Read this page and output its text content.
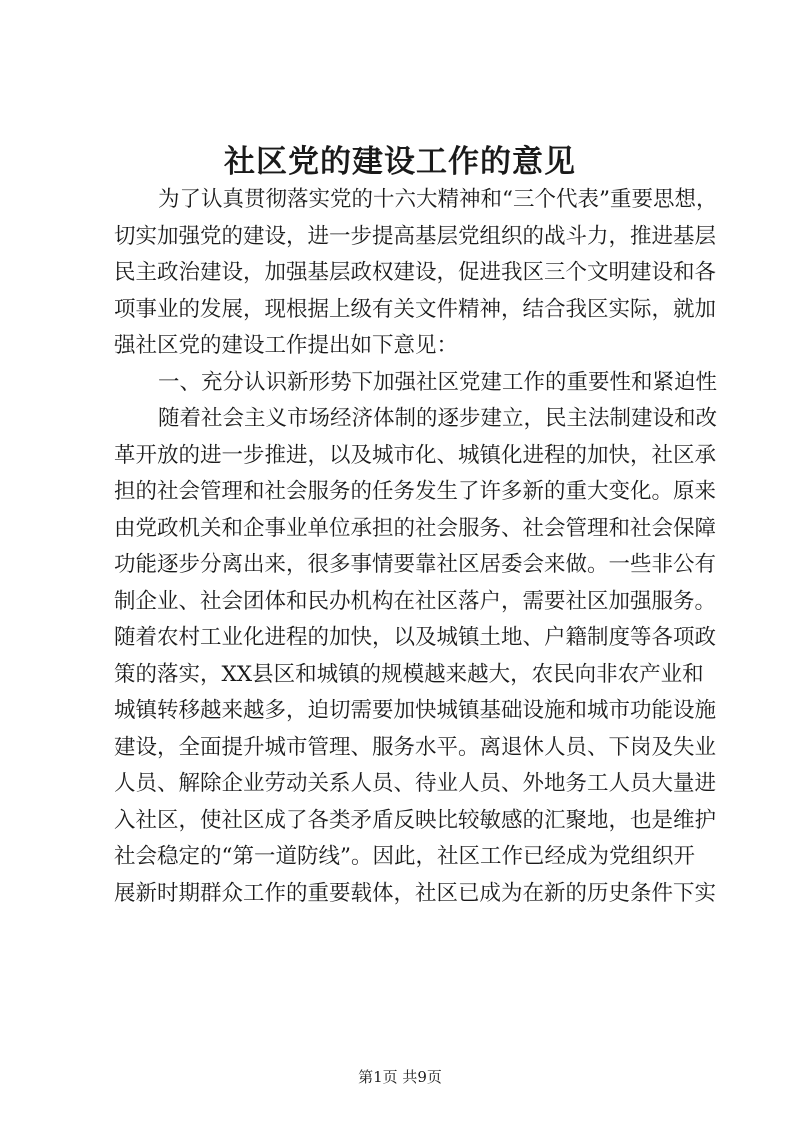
社区党的建设工作的意见
为了认真贯彻落实党的十六大精神和“三个代表”重要思想，
切实加强党的建设，进一步提高基层党组织的战斗力，推进基层
民主政治建设，加强基层政权建设，促进我区三个文明建设和各
项事业的发展，现根据上级有关文件精神，结合我区实际，就加
强社区党的建设工作提出如下意见：
一、充分认识新形势下加强社区党建工作的重要性和紧迫性
随着社会主义市场经济体制的逐步建立，民主法制建设和改
革开放的进一步推进，以及城市化、城镇化进程的加快，社区承
担的社会管理和社会服务的任务发生了许多新的重大变化。原来
由党政机关和企事业单位承担的社会服务、社会管理和社会保障
功能逐步分离出来，很多事情要靠社区居委会来做。一些非公有
制企业、社会团体和民办机构在社区落户，需要社区加强服务。
随着农村工业化进程的加快，以及城镇土地、户籍制度等各项政
策的落实，XX县区和城镇的规模越来越大，农民向非农产业和
城镇转移越来越多，迫切需要加快城镇基础设施和城市功能设施
建设，全面提升城市管理、服务水平。离退休人员、下岗及失业
人员、解除企业劳动关系人员、待业人员、外地务工人员大量进
入社区，使社区成了各类矛盾反映比较敏感的汇聚地，也是维护
社会稳定的“第一道防线”。因此，社区工作已经成为党组织开
展新时期群众工作的重要载体，社区已成为在新的历史条件下实
第1页 共9页
